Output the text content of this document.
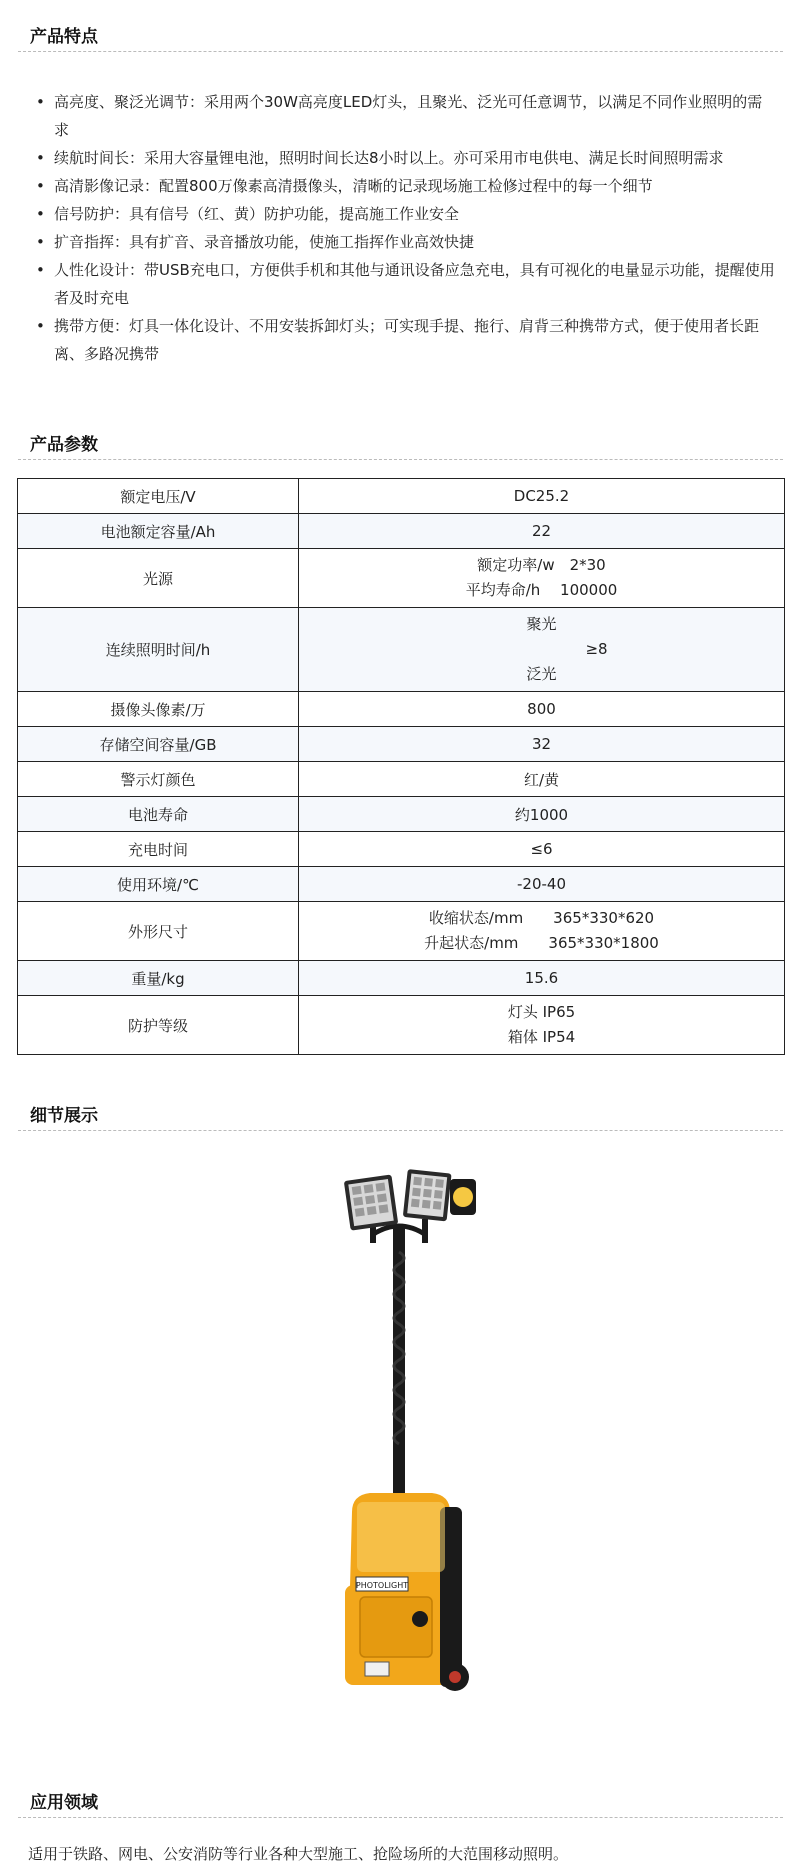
产品特点
• 高亮度、聚泛光调节：采用两个30W高亮度LED灯头，且聚光、泛光可任意调节，以满足不同作业照明的需求
• 续航时间长：采用大容量锂电池，照明时间长达8小时以上。亦可采用市电供电、满足长时间照明需求
• 高清影像记录：配置800万像素高清摄像头，清晰的记录现场施工检修过程中的每一个细节
• 信号防护：具有信号（红、黄）防护功能，提高施工作业安全
• 扩音指挥：具有扩音、录音播放功能，使施工指挥作业高效快捷
• 人性化设计：带USB充电口，方便供手机和其他与通讯设备应急充电，具有可视化的电量显示功能，提醒使用者及时充电
• 携带方便：灯具一体化设计、不用安装拆卸灯头；可实现手提、拖行、肩背三种携带方式，便于使用者长距离、多路况携带
产品参数
额定电压/V	DC25.2
电池额定容量/Ah	22
光源	额定功率/w　2*30
平均寿命/h　 100000

连续照明时间/h	聚光
≥8
泛光

摄像头像素/万	800
存储空间容量/GB	32
警示灯颜色	红/黄
电池寿命	约1000
充电时间	≤6
使用环境/℃	-20-40
外形尺寸	收缩状态/mm　　365*330*620
升起状态/mm　　365*330*1800

重量/kg	15.6
防护等级	灯头 IP65
箱体 IP54
细节展示
PHOTOLIGHT
应用领域
适用于铁路、网电、公安消防等行业各种大型施工、抢险场所的大范围移动照明。
